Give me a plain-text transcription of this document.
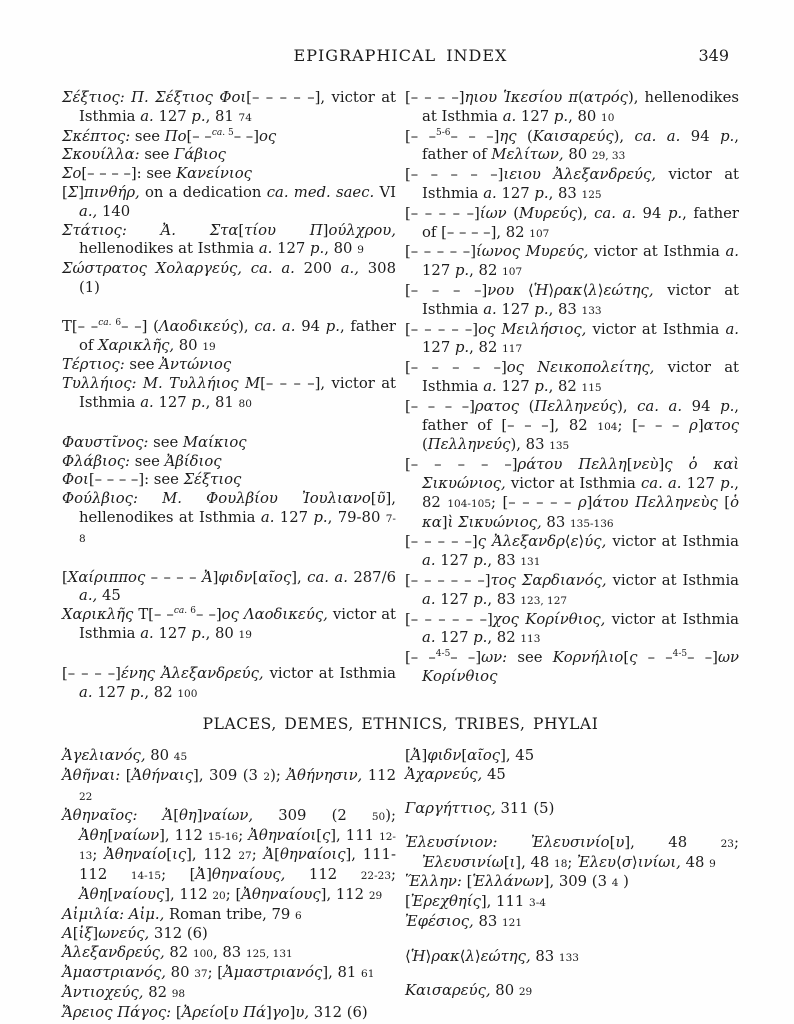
EPIGRAPHICAL INDEX	349

Σέξτιος: Π. Σέξτιος Φοι[– – – – –], victor at Isthmia a. 127 p., 81 74

Σκέπτος: see Πο[– –$^{ca. 5}$– –]ος

Σκουίλλα: see Γάβιος

Σο[– – – –]: see Κανείνιος

[Σ]πινθήρ, on a dedication ca. med. saec. VI a., 140

Στάτιος: Ἀ. Στα[τίου Π]ούλχρου, hellenodikes at Isthmia a. 127 p., 80 9

Σώστρατος Χολαργεύς, ca. a. 200 a., 308 (1)

T[– –$^{ca. 6}$– –] (Λαοδικεύς), ca. a. 94 p., father of Χαρικλῆς, 80 19

Τέρτιος: see Ἀντώνιος

Τυλλήιος: Μ. Τυλλήιος Μ[– – – –], victor at Isthmia a. 127 p., 81 80

Φαυστῖνος: see Μαίκιος

Φλάβιος: see Ἀβίδιος

Φοι[– – – –]: see Σέξτιος

Φούλβιος: Μ. Φουλβίου Ἰουλιανο[ῦ], hellenodikes at Isthmia a. 127 p., 79-80 7-8

[Χαίριππος – – – – Ἀ]φιδν[αῖος], ca. a. 287/6 a., 45

Χαρικλῆς T[– –$^{ca. 6}$– –]ος Λαοδικεύς, victor at Isthmia a. 127 p., 80 19

[– – – –]ένης Ἀλεξανδρεύς, victor at Isthmia a. 127 p., 82 100

[– – – –]ηιου Ἱκεσίου π(ατρός), hellenodikes at Isthmia a. 127 p., 80 10

[– –$^{5-6}$– – –]ης (Καισαρεύς), ca. a. 94 p., father of Μελίτων, 80 29, 33

[– – – – –]ιειου Ἀλεξανδρεύς, victor at Isthmia a. 127 p., 83 125

[– – – – –]ίων (Μυρεύς), ca. a. 94 p., father of [– – – –], 82 107

[– – – – –]ίωνος Μυρεύς, victor at Isthmia a. 127 p., 82 107

[– – – –]νου ⟨Ἡ⟩ρακ⟨λ⟩εώτης, victor at Isthmia a. 127 p., 83 133

[– – – – –]ος Μειλήσιος, victor at Isthmia a. 127 p., 82 117

[– – – – –]ος Νεικοπολείτης, victor at Isthmia a. 127 p., 82 115

[– – – –]ρατος (Πελληνεύς), ca. a. 94 p., father of [– – –], 82 104; [– – – ρ]ατος (Πελληνεύς), 83 135

[– – – – –]ράτου Πελλη[νεὺ]ς ὁ καὶ Σικυώνιος, victor at Isthmia ca. a. 127 p., 82 104-105; [– – – – – ρ]άτου Πελληνεὺς [ὁ κα]ὶ Σικυώνιος, 83 135-136

[– – – – –]ς Ἀλεξανδρ⟨ε⟩ύς, victor at Isthmia a. 127 p., 83 131

[– – – – – –]τος Σαρδιανός, victor at Isthmia a. 127 p., 83 123, 127

[– – – – – –]χος Κορίνθιος, victor at Isthmia a. 127 p., 82 113

[– –$^{4-5}$– –]ων: see Κορνήλιο[ς – –$^{4-5}$– –]ων Κορίνθιος

PLACES, DEMES, ETHNICS, TRIBES, PHYLAI

Ἀγελιανός, 80 45

Ἀθῆναι: [Ἀθήναις], 309 (3 2); Ἀθήνησιν, 112 22

Ἀθηναῖος: Ἀ[θη]ναίων, 309 (2 50); Ἀθη[ναίων], 112 15-16; Ἀθηναίοι[ς], 111 12-13; Ἀθηναίο[ις], 112 27; Ἀ[θηναίοις], 111-112 14-15; [Ἀ]θηναίους, 112 22-23; Ἀθη[ναίους], 112 20; [Ἀθηναίους], 112 29

Αἰμιλία: Αἰμ., Roman tribe, 79 6

Α[ἰξ]ωνεύς, 312 (6)

Ἀλεξανδρεύς, 82 100, 83 125, 131

Ἀμαστριανός, 80 37; [Ἀμαστριανός], 81 61

Ἀντιοχεύς, 82 98

Ἄρειος Πάγος: [Ἀρείο[υ Πά]γο]υ, 312 (6)

[Ἀ]φιδν[αῖος], 45

Ἀχαρνεύς, 45

Γαργήττιος, 311 (5)

Ἐλευσίνιον: Ἐλευσινίο[υ], 48 23; Ἐλευσινίω[ι], 48 18; Ἐλευ⟨σ⟩ινίωι, 48 9

Ἕλλην: [Ἑλλάνων], 309 (3 4 )

[Ἐρεχθηίς], 111 3-4

Ἐφέσιος, 83 121

⟨Ἡ⟩ρακ⟨λ⟩εώτης, 83 133

Καισαρεύς, 80 29
